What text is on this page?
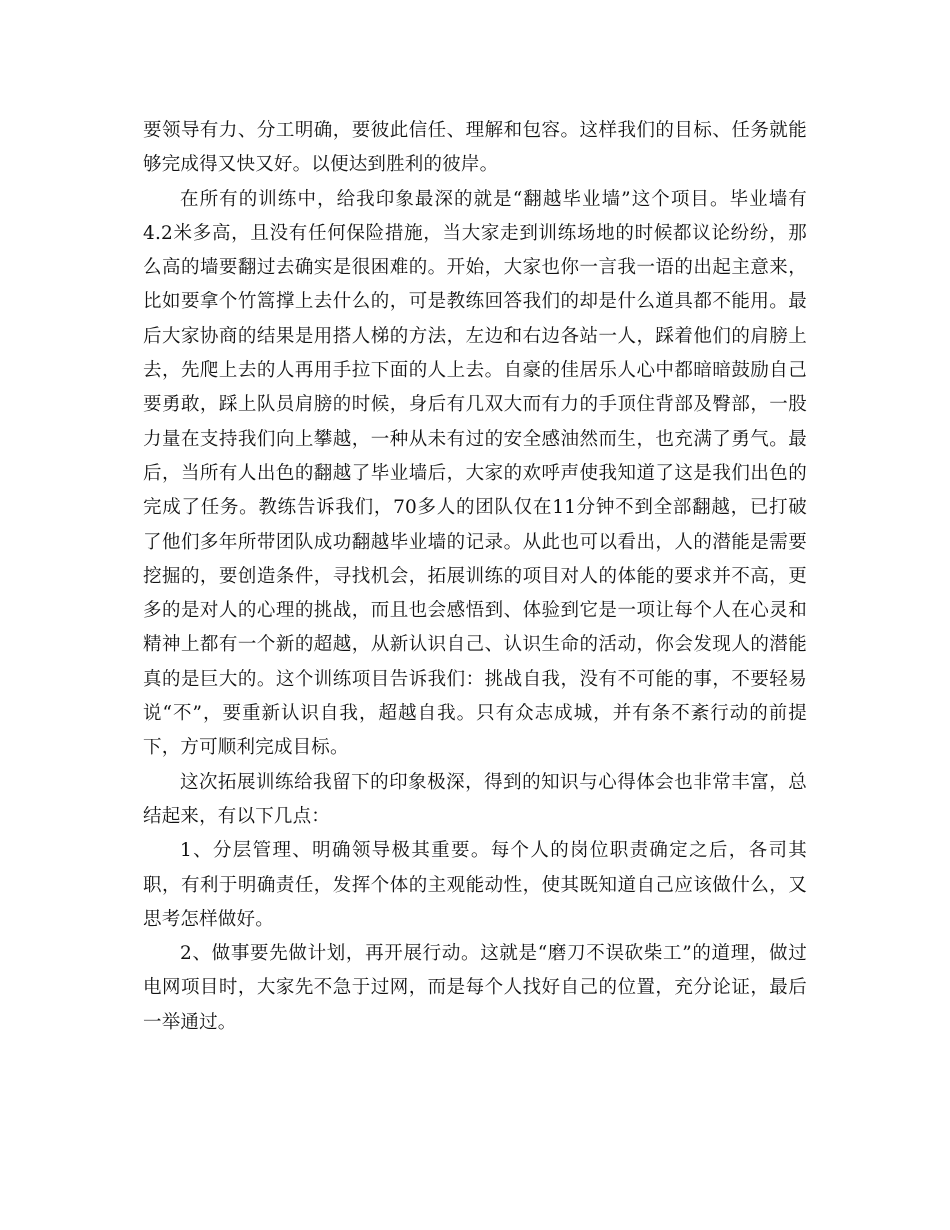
要领导有力、分工明确，要彼此信任、理解和包容。这样我们的目标、任务就能够完成得又快又好。以便达到胜利的彼岸。

在所有的训练中，给我印象最深的就是“翻越毕业墙”这个项目。毕业墙有4.2米多高，且没有任何保险措施，当大家走到训练场地的时候都议论纷纷，那么高的墙要翻过去确实是很困难的。开始，大家也你一言我一语的出起主意来，比如要拿个竹篙撑上去什么的，可是教练回答我们的却是什么道具都不能用。最后大家协商的结果是用搭人梯的方法，左边和右边各站一人，踩着他们的肩膀上去，先爬上去的人再用手拉下面的人上去。自豪的佳居乐人心中都暗暗鼓励自己要勇敢，踩上队员肩膀的时候，身后有几双大而有力的手顶住背部及臀部，一股力量在支持我们向上攀越，一种从未有过的安全感油然而生，也充满了勇气。最后，当所有人出色的翻越了毕业墙后，大家的欢呼声使我知道了这是我们出色的完成了任务。教练告诉我们，70多人的团队仅在11分钟不到全部翻越，已打破了他们多年所带团队成功翻越毕业墙的记录。从此也可以看出，人的潜能是需要挖掘的，要创造条件，寻找机会，拓展训练的项目对人的体能的要求并不高，更多的是对人的心理的挑战，而且也会感悟到、体验到它是一项让每个人在心灵和精神上都有一个新的超越，从新认识自己、认识生命的活动，你会发现人的潜能真的是巨大的。这个训练项目告诉我们：挑战自我，没有不可能的事，不要轻易说“不”，要重新认识自我，超越自我。只有众志成城，并有条不紊行动的前提下，方可顺利完成目标。

这次拓展训练给我留下的印象极深，得到的知识与心得体会也非常丰富，总结起来，有以下几点：

1、分层管理、明确领导极其重要。每个人的岗位职责确定之后，各司其职，有利于明确责任，发挥个体的主观能动性，使其既知道自己应该做什么，又思考怎样做好。

2、做事要先做计划，再开展行动。这就是“磨刀不误砍柴工”的道理，做过电网项目时，大家先不急于过网，而是每个人找好自己的位置，充分论证，最后一举通过。
